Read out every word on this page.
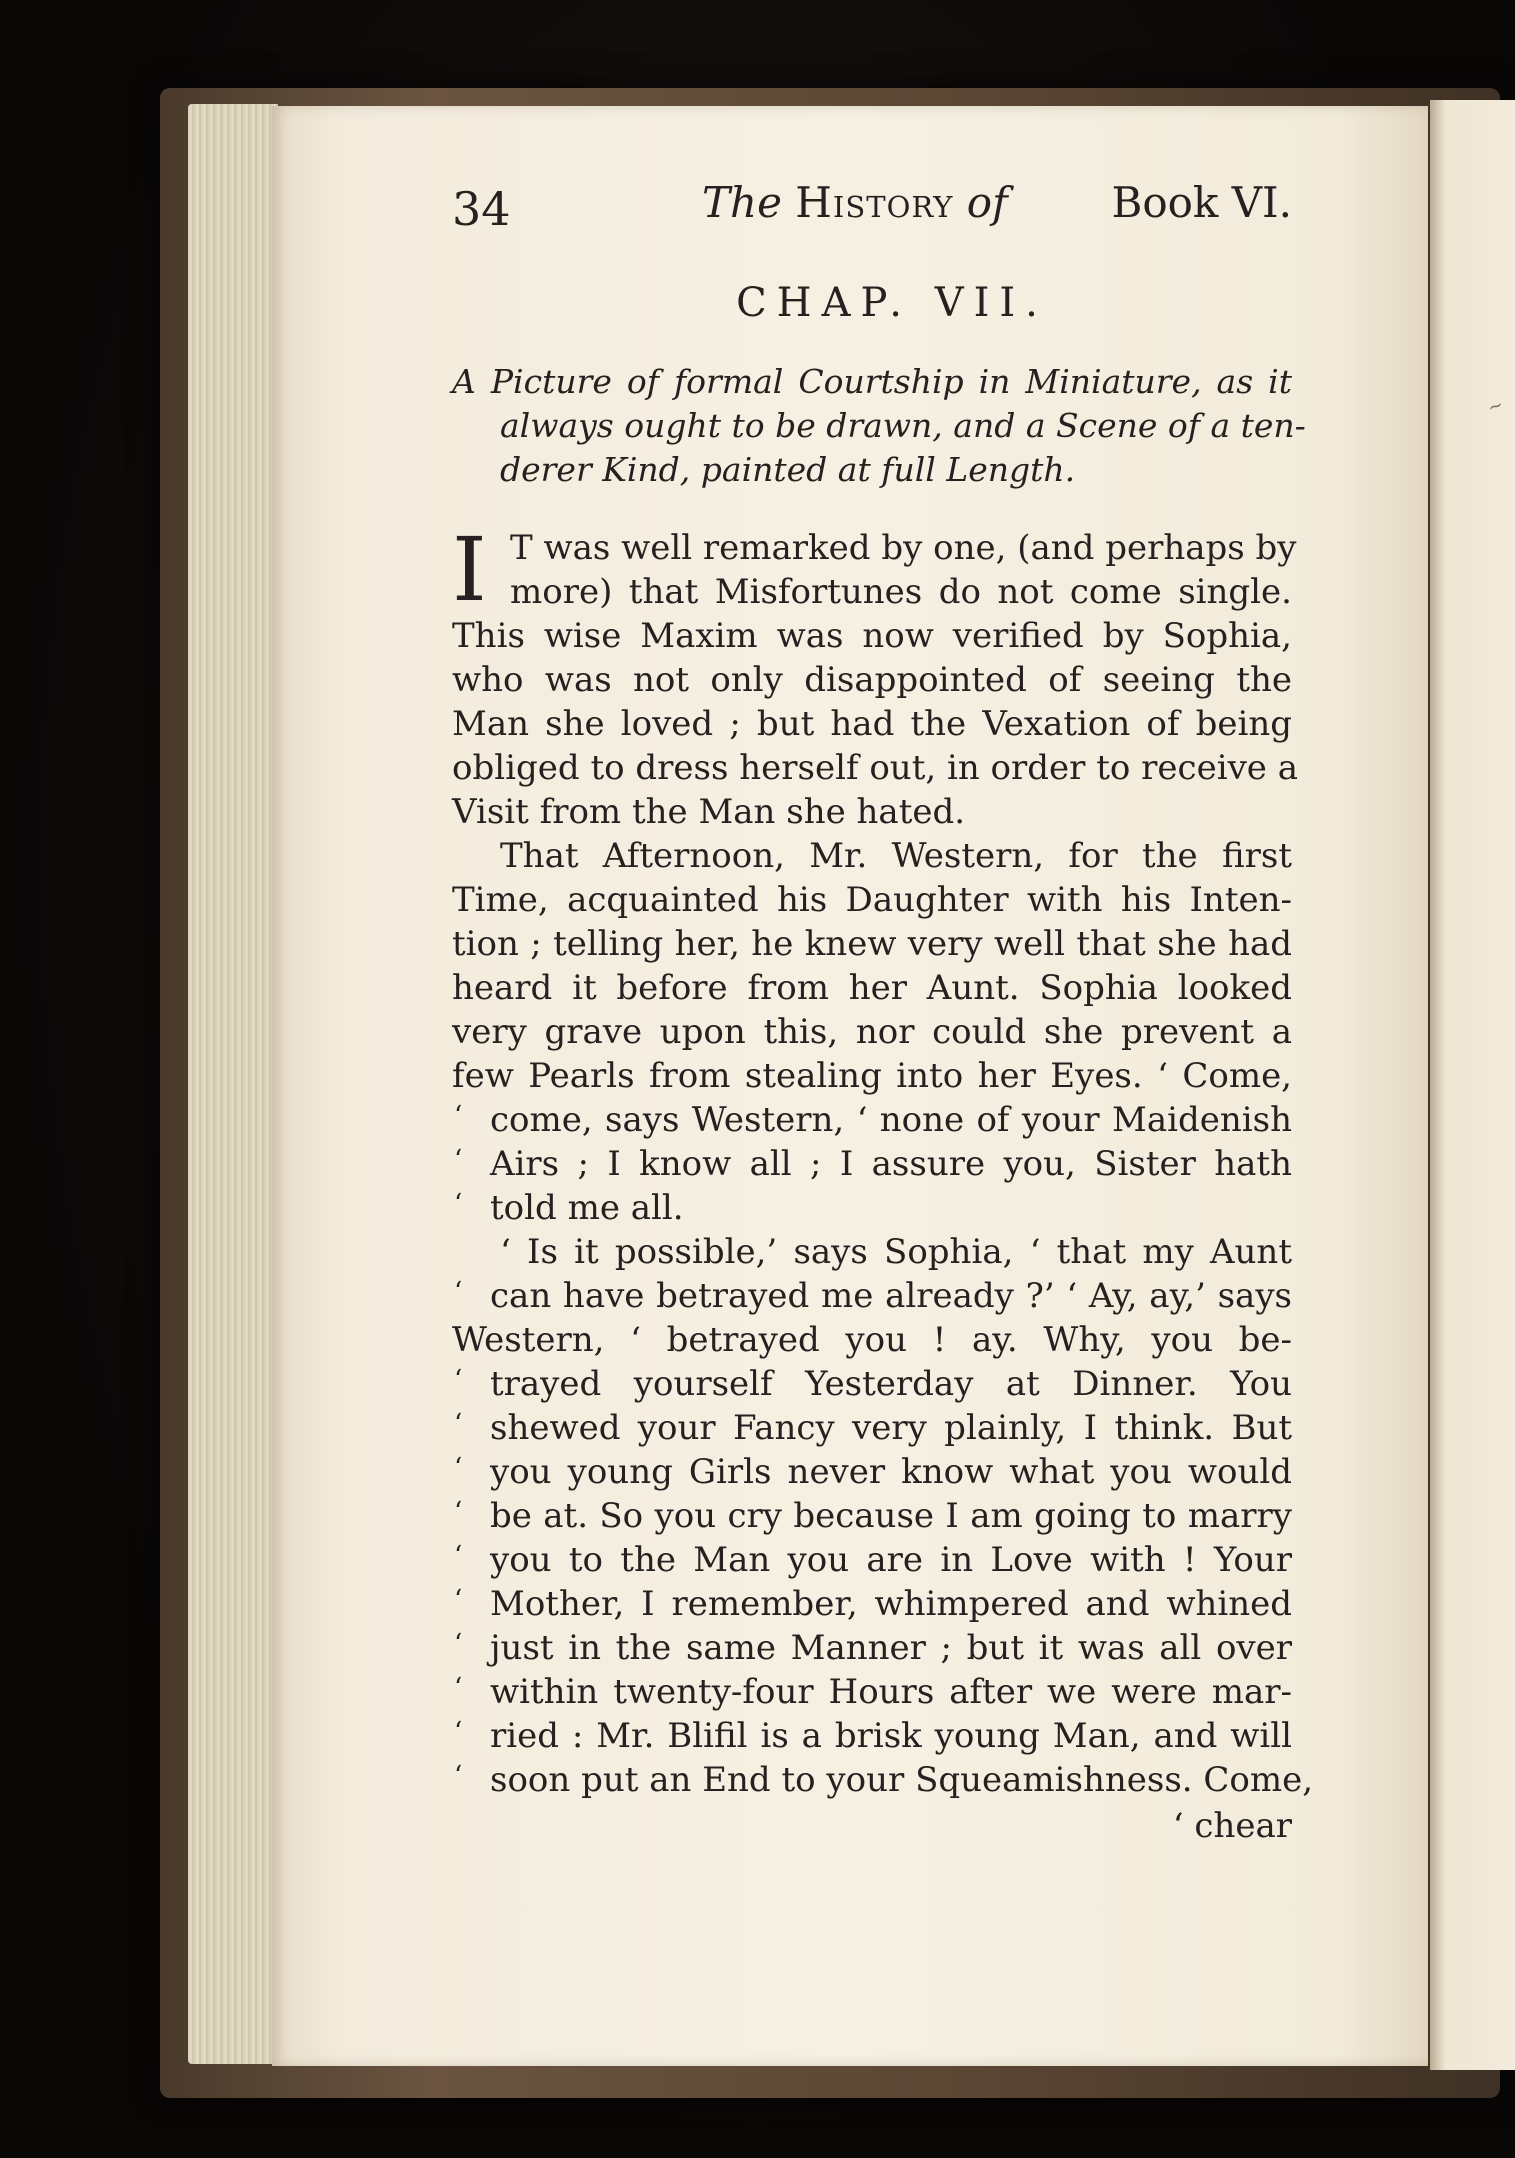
~
34	The History of Book VI.
CHAP. VII.
A Picture of formal Courtship in Miniature, as it
always ought to be drawn, and a Scene of a ten-
derer Kind, painted at full Length.
I T was well remarked by one, (and perhaps by
more) that Misfortunes do not come single.
This wise Maxim was now verified by Sophia,
who was not only disappointed of seeing the
Man she loved ; but had the Vexation of being
obliged to dress herself out, in order to receive a
Visit from the Man she hated.
That Afternoon, Mr. Western, for the first
Time, acquainted his Daughter with his Inten-
tion ; telling her, he knew very well that she had
heard it before from her Aunt. Sophia looked
very grave upon this, nor could she prevent a
few Pearls from stealing into her Eyes. ‘ Come,
‘ come, says Western, ‘ none of your Maidenish
‘ Airs ; I know all ; I assure you, Sister hath
‘ told me all.
‘ Is it possible,’ says Sophia, ‘ that my Aunt
‘ can have betrayed me already ?’ ‘ Ay, ay,’ says
Western, ‘ betrayed you ! ay. Why, you be-
‘ trayed yourself Yesterday at Dinner. You
‘ shewed your Fancy very plainly, I think. But
‘ you young Girls never know what you would
‘ be at. So you cry because I am going to marry
‘ you to the Man you are in Love with ! Your
‘ Mother, I remember, whimpered and whined
‘ just in the same Manner ; but it was all over
‘ within twenty-four Hours after we were mar-
‘ ried : Mr. Blifil is a brisk young Man, and will
‘ soon put an End to your Squeamishness. Come,
‘ chear
